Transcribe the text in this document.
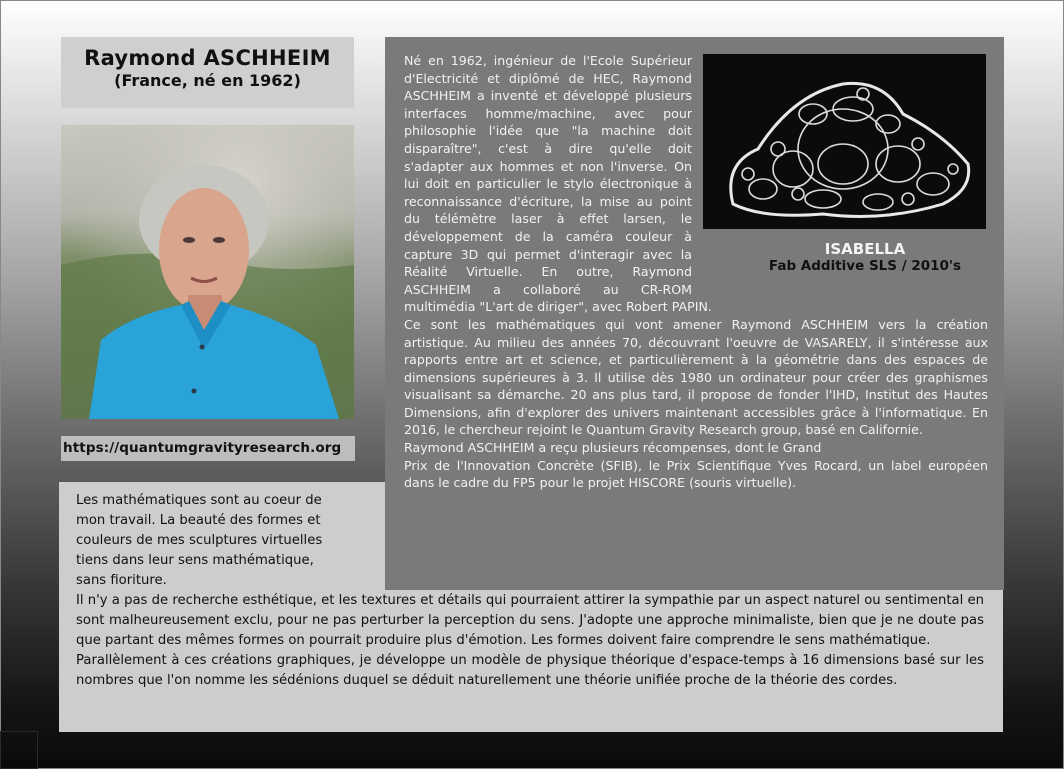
Raymond ASCHHEIM
(France, né en 1962)
https://quantumgravityresearch.org

Les mathématiques sont au coeur de mon travail. La beauté des formes et couleurs de mes sculptures virtuelles tiens dans leur sens mathématique, sans fioriture.

Il n'y a pas de recherche esthétique, et les textures et détails qui pourraient attirer la sympathie par un aspect naturel ou sentimental en sont malheureusement exclu, pour ne pas perturber la perception du sens. J'adopte une approche minimaliste, bien que je ne doute pas que partant des mêmes formes on pourrait produire plus d'émotion. Les formes doivent faire comprendre le sens mathématique.

Parallèlement à ces créations graphiques, je développe un modèle de physique théorique d'espace-temps à 16 dimensions basé sur les nombres que l'on nomme les sédénions duquel se déduit naturellement une théorie unifiée proche de la théorie des cordes.

ISABELLA
Fab Additive SLS / 2010's

Né en 1962, ingénieur de l'Ecole Supérieur d'Electricité et diplômé de HEC, Raymond ASCHHEIM a inventé et développé plusieurs interfaces homme/machine, avec pour philosophie l'idée que "la machine doit disparaître", c'est à dire qu'elle doit s'adapter aux hommes et non l'inverse. On lui doit en particulier le stylo électronique à reconnaissance d'écriture, la mise au point du télémètre laser à effet larsen, le développement de la caméra couleur à capture 3D qui permet d'interagir avec la Réalité Virtuelle. En outre, Raymond ASCHHEIM a collaboré au CR-ROM multimédia "L'art de diriger", avec Robert PAPIN.

Ce sont les mathématiques qui vont amener Raymond ASCHHEIM vers la création artistique. Au milieu des années 70, découvrant l'oeuvre de VASARELY, il s'intéresse aux rapports entre art et science, et particulièrement à la géométrie dans des espaces de dimensions supérieures à 3. Il utilise dès 1980 un ordinateur pour créer des graphismes visualisant sa démarche. 20 ans plus tard, il propose de fonder l'IHD, Institut des Hautes Dimensions, afin d'explorer des univers maintenant accessibles grâce à l'informatique. En 2016, le chercheur rejoint le Quantum Gravity Research group, basé en Californie.

Raymond ASCHHEIM a reçu plusieurs récompenses, dont le Grand

Prix de l'Innovation Concrète (SFIB), le Prix Scientifique Yves Rocard, un label européen dans le cadre du FP5 pour le projet HISCORE (souris virtuelle).
